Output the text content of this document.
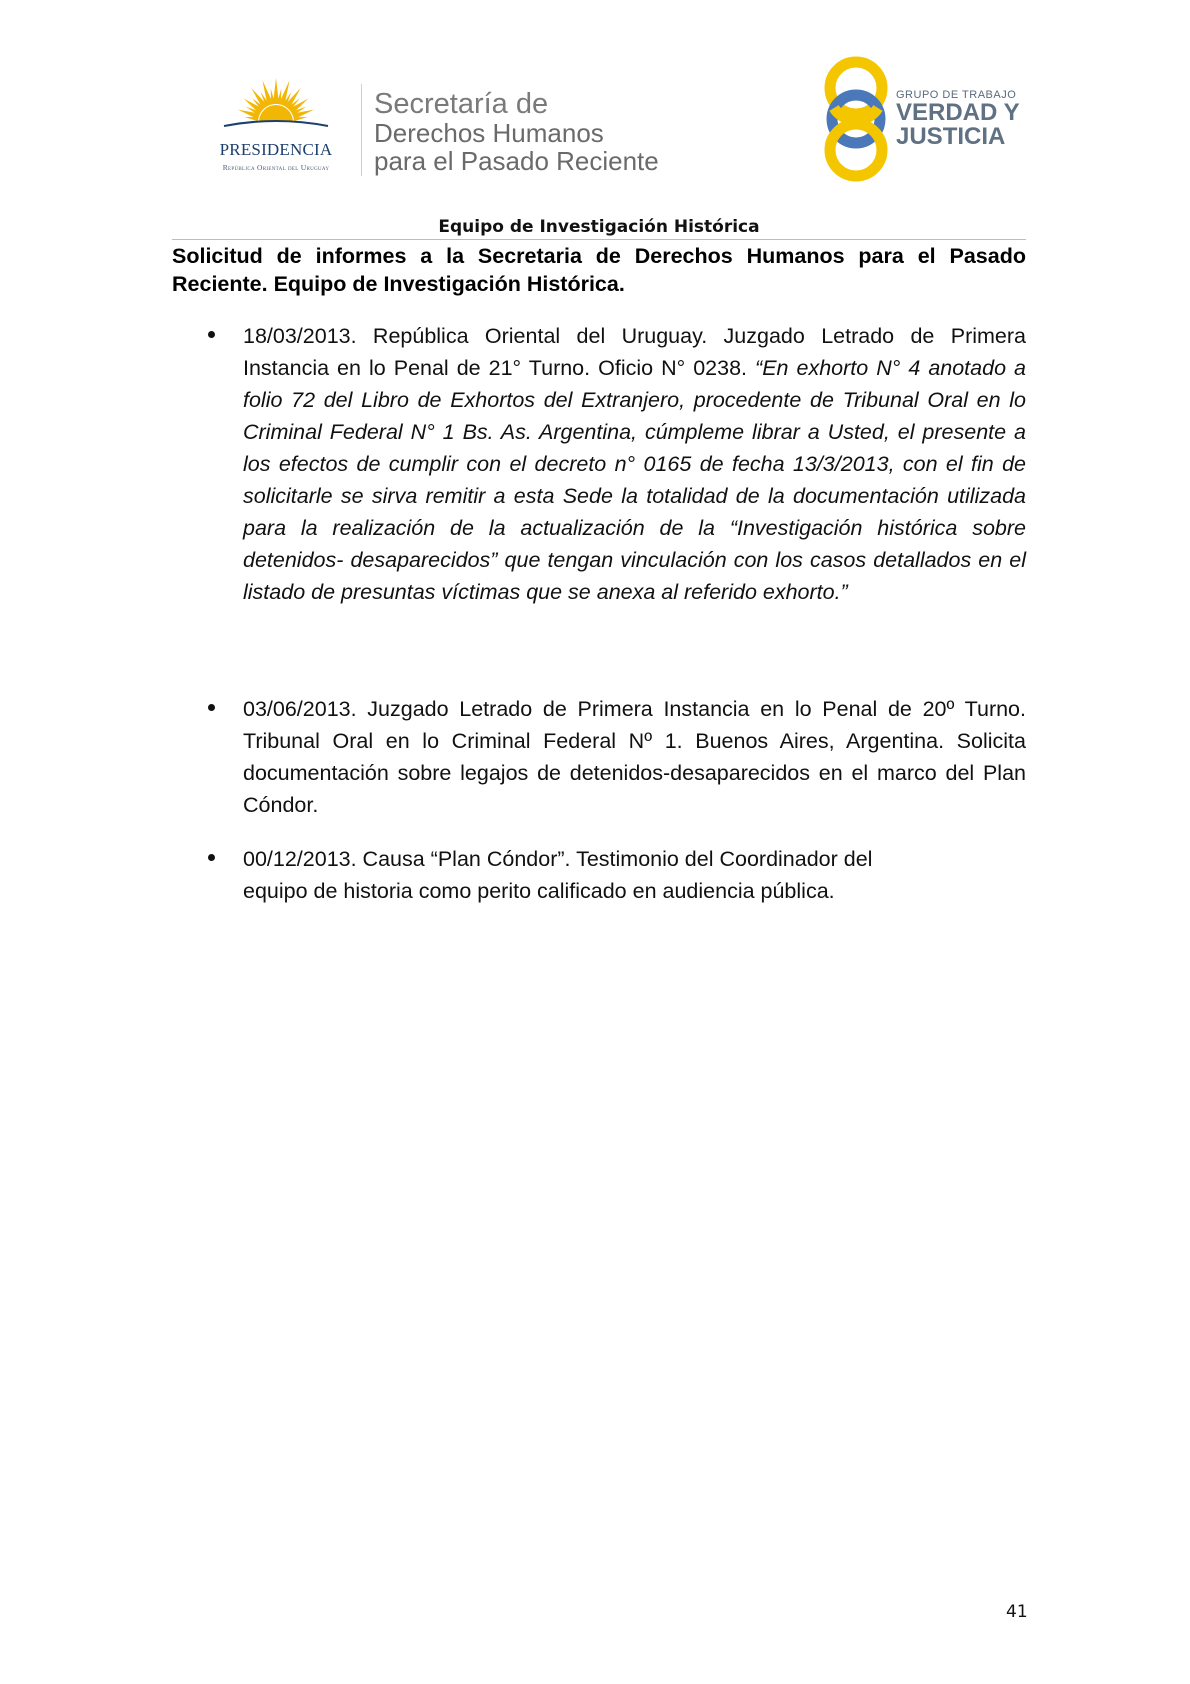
PRESIDENCIA
República Oriental del Uruguay
Secretaría de
Derechos Humanos
para el Pasado Reciente
GRUPO DE TRABAJO
VERDAD Y
JUSTICIA
Equipo de Investigación Histórica
Solicitud de informes a la Secretaria de Derechos Humanos para el Pasado Reciente. Equipo de Investigación Histórica.
18/03/2013. República Oriental del Uruguay. Juzgado Letrado de Primera Instancia en lo Penal de 21° Turno. Oficio N° 0238. “En exhorto N° 4 anotado a folio 72 del Libro de Exhortos del Extranjero, procedente de Tribunal Oral en lo Criminal Federal N° 1 Bs. As. Argentina, cúmpleme librar a Usted, el presente a los efectos de cumplir con el decreto n° 0165 de fecha 13/3/2013, con el fin de solicitarle se sirva remitir a esta Sede la totalidad de la documentación utilizada para la realización de la actualización de la “Investigación histórica sobre detenidos- desaparecidos” que tengan vinculación con los casos detallados en el listado de presuntas víctimas que se anexa al referido exhorto.”
03/06/2013. Juzgado Letrado de Primera Instancia en lo Penal de 20º Turno. Tribunal Oral en lo Criminal Federal Nº 1. Buenos Aires, Argentina. Solicita documentación sobre legajos de detenidos-desaparecidos en el marco del Plan Cóndor.
00/12/2013. Causa “Plan Cóndor”. Testimonio del Coordinador del
equipo de historia como perito calificado en audiencia pública.
41
